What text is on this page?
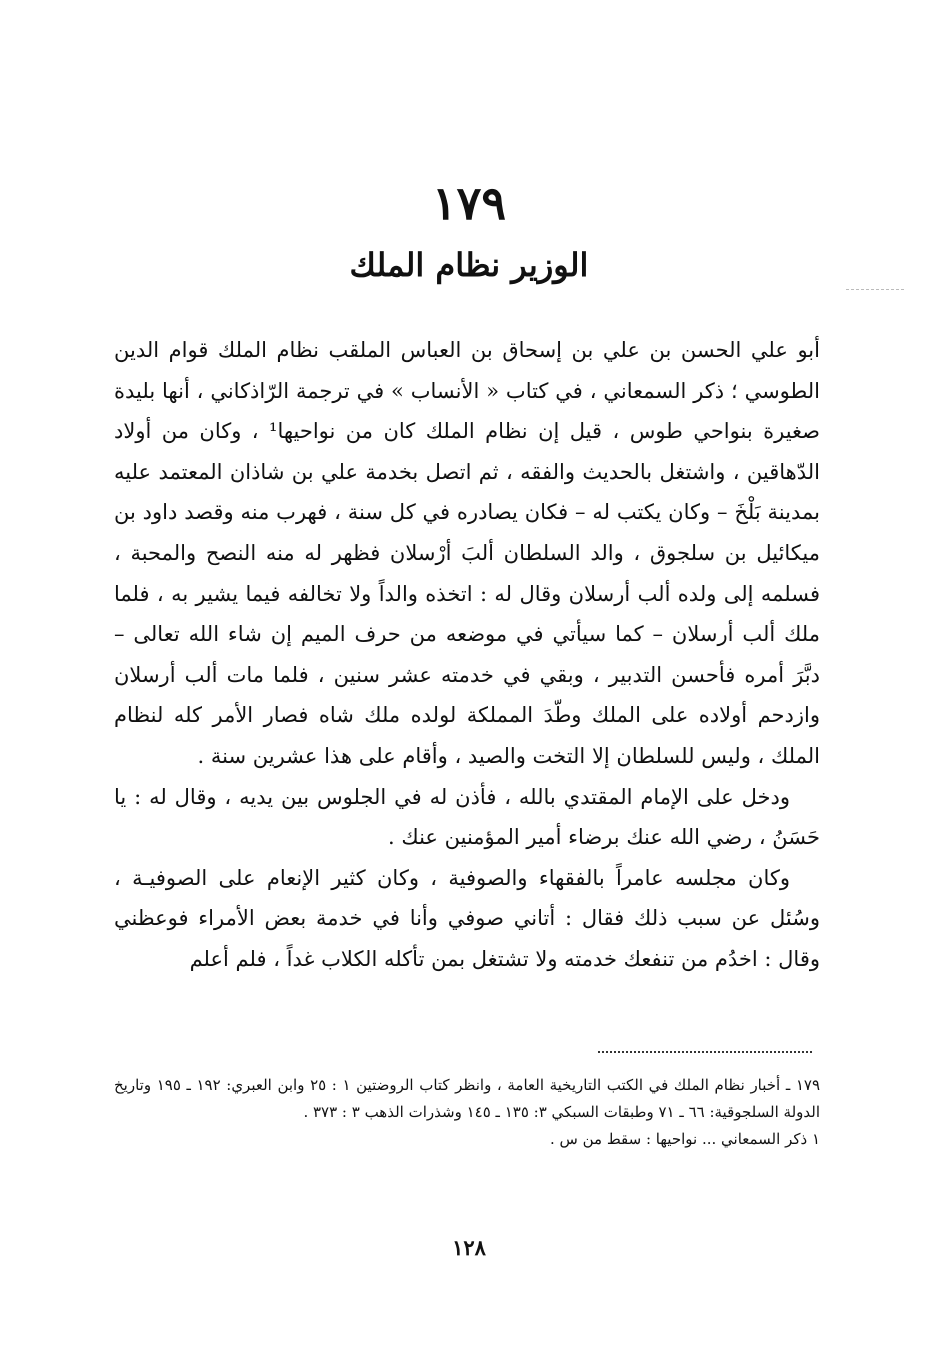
١٧٩
الوزير نظام الملك

أبو علي الحسن بن علي بن إسحاق بن العباس الملقب نظام الملك قوام الدين الطوسي ؛ ذكر السمعاني ، في كتاب « الأنساب » في ترجمة الرّاذكاني ، أنها بليدة صغيرة بنواحي طوس ، قيل إن نظام الملك كان من نواحيها¹ ، وكان من أولاد الدّهاقين ، واشتغل بالحديث والفقه ، ثم اتصل بخدمة علي بن شاذان المعتمد عليه بمدينة بَلْخَ – وكان يكتب له – فكان يصادره في كل سنة ، فهرب منه وقصد داود بن ميكائيل بن سلجوق ، والد السلطان ألبَ أرْسلان فظهر له منه النصح والمحبة ، فسلمه إلى ولده ألب أرسلان وقال له : اتخذه والداً ولا تخالفه فيما يشير به ، فلما ملك ألب أرسلان – كما سيأتي في موضعه من حرف الميم إن شاء الله تعالى – دبَّرَ أمره فأحسن التدبير ، وبقي في خدمته عشر سنين ، فلما مات ألب أرسلان وازدحم أولاده على الملك وطّدَ المملكة لولده ملك شاه فصار الأمر كله لنظام الملك ، وليس للسلطان إلا التخت والصيد ، وأقام على هذا عشرين سنة .

ودخل على الإمام المقتدي بالله ، فأذن له في الجلوس بين يديه ، وقال له : يا حَسَنُ ، رضي الله عنك برضاء أمير المؤمنين عنك .

وكان مجلسه عامراً بالفقهاء والصوفية ، وكان كثير الإنعام على الصوفيـة ، وسُئل عن سبب ذلك فقال : أتاني صوفي وأنا في خدمة بعض الأمراء فوعظني وقال : اخدُم من تنفعك خدمته ولا تشتغل بمن تأكله الكلاب غداً ، فلم أعلم

١٧٩ ـ أخبار نظام الملك في الكتب التاريخية العامة ، وانظر كتاب الروضتين ١ : ٢٥ وابن العبري: ١٩٢ ـ ١٩٥ وتاريخ الدولة السلجوقية: ٦٦ ـ ٧١ وطبقات السبكي ٣: ١٣٥ ـ ١٤٥ وشذرات الذهب ٣ : ٣٧٣ .

١ ذكر السمعاني ... نواحيها : سقط من س .

١٢٨
